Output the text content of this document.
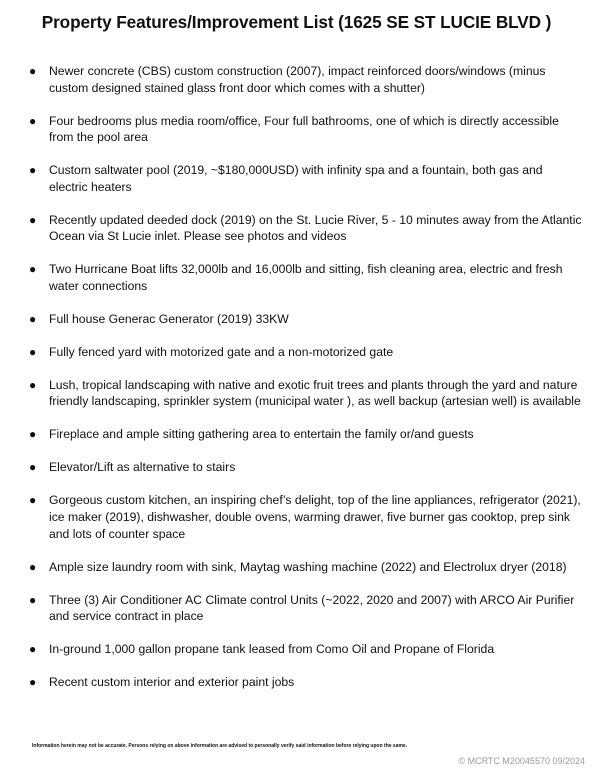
Property Features/Improvement List (1625 SE ST LUCIE BLVD )
● Newer concrete (CBS) custom construction (2007), impact reinforced doors/windows (minus custom designed stained glass front door which comes with a shutter)
● Four bedrooms plus media room/office, Four full bathrooms, one of which is directly accessible from the pool area
● Custom saltwater pool (2019, ~$180,000USD) with infinity spa and a fountain, both gas and electric heaters
● Recently updated deeded dock (2019) on the St. Lucie River, 5 - 10 minutes away from the Atlantic Ocean via St Lucie inlet. Please see photos and videos
● Two Hurricane Boat lifts 32,000lb and 16,000lb and sitting, fish cleaning area, electric and fresh water connections
● Full house Generac Generator (2019) 33KW
● Fully fenced yard with motorized gate and a non-motorized gate
● Lush, tropical landscaping with native and exotic fruit trees and plants through the yard and nature friendly landscaping, sprinkler system (municipal water ), as well backup (artesian well) is available
● Fireplace and ample sitting gathering area to entertain the family or/and guests
● Elevator/Lift as alternative to stairs
● Gorgeous custom kitchen, an inspiring chef’s delight, top of the line appliances, refrigerator (2021), ice maker (2019), dishwasher, double ovens, warming drawer, five burner gas cooktop, prep sink and lots of counter space
● Ample size laundry room with sink, Maytag washing machine (2022) and Electrolux dryer (2018)
● Three (3) Air Conditioner AC Climate control Units (~2022, 2020 and 2007) with ARCO Air Purifier and service contract in place
● In-ground 1,000 gallon propane tank leased from Como Oil and Propane of Florida
● Recent custom interior and exterior paint jobs
Information herein may not be accurate. Persons relying on above information are advised to personally verify said information before relying upon the same.
© MCRTC M20045570 09/2024
